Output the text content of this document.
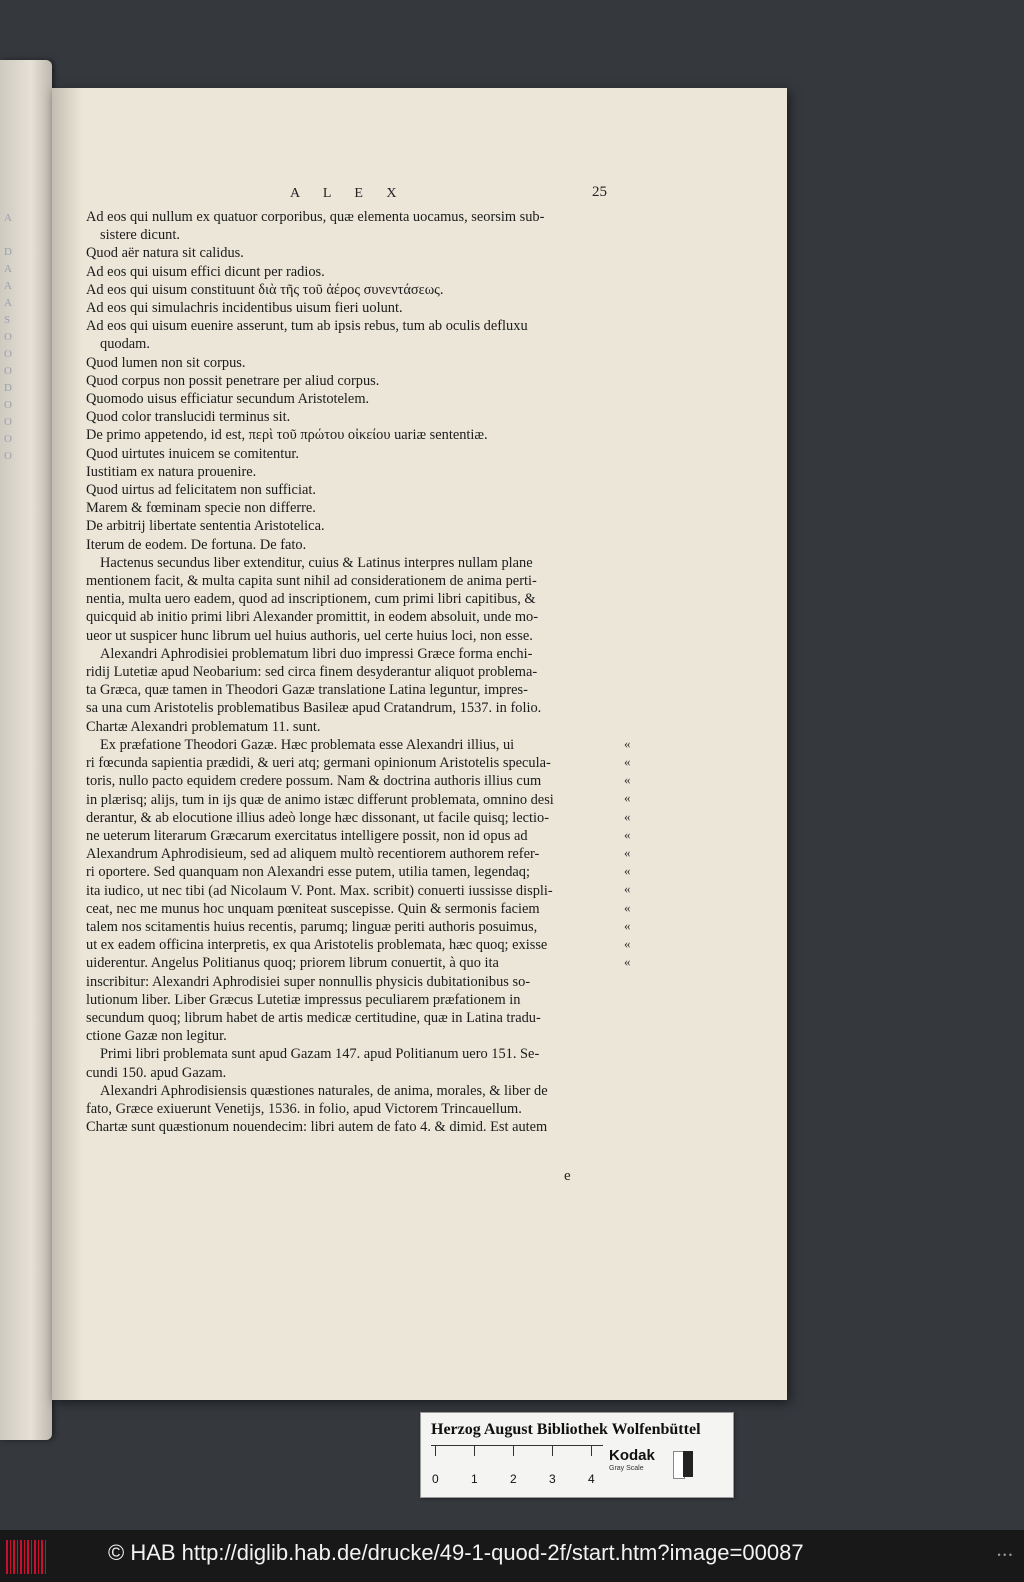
A

D
A
A
A
S
O
O
O
D
O
O
O
O
A L E X	25
Ad eos qui nullum ex quatuor corporibus, quæ elementa uocamus, seorsim sub-
sistere dicunt.
Quod aër natura sit calidus.
Ad eos qui uisum effici dicunt per radios.
Ad eos qui uisum constituunt διὰ τῆς τοῦ ἀέρος συνεντάσεως.
Ad eos qui simulachris incidentibus uisum fieri uolunt.
Ad eos qui uisum euenire asserunt, tum ab ipsis rebus, tum ab oculis defluxu
quodam.
Quod lumen non sit corpus.
Quod corpus non possit penetrare per aliud corpus.
Quomodo uisus efficiatur secundum Aristotelem.
Quod color translucidi terminus sit.
De primo appetendo, id est, περὶ τοῦ πρώτου οἰκείου uariæ sententiæ.
Quod uirtutes inuicem se comitentur.
Iustitiam ex natura prouenire.
Quod uirtus ad felicitatem non sufficiat.
Marem & fœminam specie non differre.
De arbitrij libertate sententia Aristotelica.
Iterum de eodem. De fortuna. De fato.
Hactenus secundus liber extenditur, cuius & Latinus interpres nullam plane
mentionem facit, & multa capita sunt nihil ad considerationem de anima perti-
nentia, multa uero eadem, quod ad inscriptionem, cum primi libri capitibus, &
quicquid ab initio primi libri Alexander promittit, in eodem absoluit, unde mo-
ueor ut suspicer hunc librum uel huius authoris, uel certe huius loci, non esse.
Alexandri Aphrodisiei problematum libri duo impressi Græce forma enchi-
ridij Lutetiæ apud Neobarium: sed circa finem desyderantur aliquot problema-
ta Græca, quæ tamen in Theodori Gazæ translatione Latina leguntur, impres-
sa una cum Aristotelis problematibus Basileæ apud Cratandrum, 1537. in folio.
Chartæ Alexandri problematum 11. sunt.
Ex præfatione Theodori Gazæ. Hæc problemata esse Alexandri illius, ui
ri fœcunda sapientia prædidi, & ueri atq; germani opinionum Aristotelis specula-
toris, nullo pacto equidem credere possum. Nam & doctrina authoris illius cum
in plærisq; alijs, tum in ijs quæ de animo istæc differunt problemata, omnino desi
derantur, & ab elocutione illius adeò longe hæc dissonant, ut facile quisq; lectio-
ne ueterum literarum Græcarum exercitatus intelligere possit, non id opus ad
Alexandrum Aphrodisieum, sed ad aliquem multò recentiorem authorem refer-
ri oportere. Sed quanquam non Alexandri esse putem, utilia tamen, legendaq;
ita iudico, ut nec tibi (ad Nicolaum V. Pont. Max. scribit) conuerti iussisse displi-
ceat, nec me munus hoc unquam pœniteat suscepisse. Quin & sermonis faciem
talem nos scitamentis huius recentis, parumq; linguæ periti authoris posuimus,
ut ex eadem officina interpretis, ex qua Aristotelis problemata, hæc quoq; exisse
uiderentur. Angelus Politianus quoq; priorem librum conuertit, à quo ita
inscribitur: Alexandri Aphrodisiei super nonnullis physicis dubitationibus so-
lutionum liber. Liber Græcus Lutetiæ impressus peculiarem præfationem in
secundum quoq; librum habet de artis medicæ certitudine, quæ in Latina tradu-
ctione Gazæ non legitur.
Primi libri problemata sunt apud Gazam 147. apud Politianum uero 151. Se-
cundi 150. apud Gazam.
Alexandri Aphrodisiensis quæstiones naturales, de anima, morales, & liber de
fato, Græce exiuerunt Venetijs, 1536. in folio, apud Victorem Trincauellum.
Chartæ sunt quæstionum nouendecim: libri autem de fato 4. & dimid. Est autem
e
«
«
«
«
«
«
«
«
«
«
«
«
«
Herzog August Bibliothek Wolfenbüttel
0	1	2	3	4
Kodak
Gray Scale
© HAB http://diglib.hab.de/drucke/49-1-quod-2f/start.htm?image=00087	• • •
